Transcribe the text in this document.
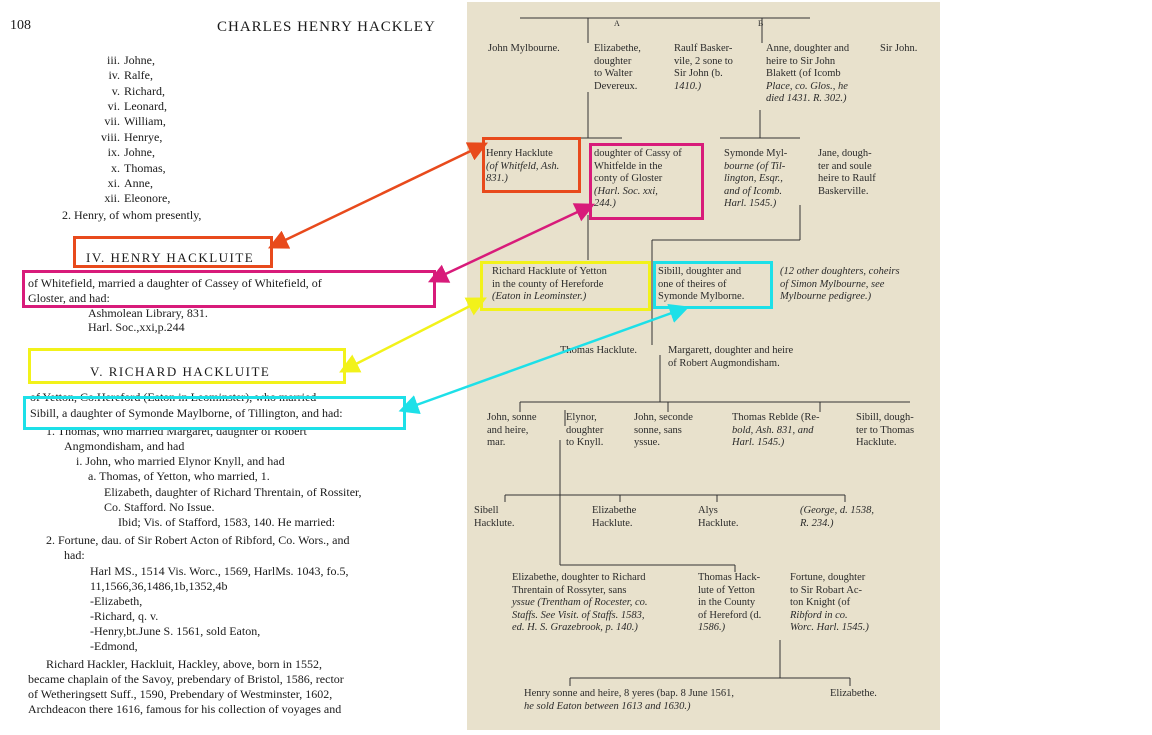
108	CHARLES HENRY HACKLEY
iii. Johne,
iv. Ralfe,
v. Richard,
vi. Leonard,
vii. William,
viii. Henrye,
ix. Johne,
x. Thomas,
xi. Anne,
xii. Eleonore,
2. Henry, of whom presently,
IV. HENRY HACKLUITE
of Whitefield, married a daughter of Cassey of Whitefield, of
Gloster, and had:
Ashmolean Library, 831.
Harl. Soc.,xxi,p.244
V. RICHARD HACKLUITE
of Yetton, Co.Hereford (Eaton in Leominster), who married
Sibill, a daughter of Symonde Maylborne, of Tillington, and had:
1. Thomas, who married Margaret, daughter of Robert
Angmondisham, and had
i. John, who married Elynor Knyll, and had
a. Thomas, of Yetton, who married, 1.
Elizabeth, daughter of Richard Threntain, of Rossiter,
Co. Stafford. No Issue.
Ibid; Vis. of Stafford, 1583, 140. He married:
2. Fortune, dau. of Sir Robert Acton of Ribford, Co. Wors., and
had:
Harl MS., 1514 Vis. Worc., 1569, HarlMs. 1043, fo.5,
11,1566,36,1486,1b,1352,4b
-Elizabeth,
-Richard, q. v.
-Henry,bt.June S. 1561, sold Eaton,
-Edmond,
Richard Hackler, Hackluit, Hackley, above, born in 1552,
became chaplain of the Savoy, prebendary of Bristol, 1586, rector
of Wetheringsett Suff., 1590, Prebendary of Westminster, 1602,
Archdeacon there 1616, famous for his collection of voyages and
A	B
John Mylbourne.	Elizabethe,
doughter
to Walter
Devereux.
Raulf Basker-
vile, 2 sone to
Sir John (b.
1410.)
Anne, doughter and
heire to Sir John
Blakett (of Icomb
Place, co. Glos., he
died 1431. R. 302.)
Sir John.
Henry Hacklute
(of Whitfeld, Ash.
831.)
doughter of Cassy of
Whitfelde in the
conty of Gloster
(Harl. Soc. xxi,
244.)
Symonde Myl-
bourne (of Til-
lington, Esqr.,
and of Icomb.
Harl. 1545.)
Jane, dough-
ter and soule
heire to Raulf
Baskerville.
Richard Hacklute of Yetton
in the county of Hereforde
(Eaton in Leominster.)
Sibill, doughter and
one of theires of
Symonde Mylborne.
(12 other doughters, coheirs
of Simon Mylbourne, see
Mylbourne pedigree.)
Thomas Hacklute.	Margarett, doughter and heire
of Robert Augmondisham.
John, sonne
and heire,
mar.
Elynor,
doughter
to Knyll.
John, seconde
sonne, sans
yssue.
Thomas Reblde (Re-
bold, Ash. 831, and
Harl. 1545.)
Sibill, dough-
ter to Thomas
Hacklute.
Sibell
Hacklute.
Elizabethe
Hacklute.
Alys
Hacklute.
(George, d. 1538,
R. 234.)
Elizabethe, doughter to Richard
Threntain of Rossyter, sans
yssue (Trentham of Rocester, co.
Staffs. See Visit. of Staffs. 1583,
ed. H. S. Grazebrook, p. 140.)
Thomas Hack-
lute of Yetton
in the County
of Hereford (d.
1586.)
Fortune, doughter
to Sir Robart Ac-
ton Knight (of
Ribford in co.
Worc. Harl. 1545.)
Henry sonne and heire, 8 yeres (bap. 8 June 1561,
he sold Eaton between 1613 and 1630.)
Elizabethe.
